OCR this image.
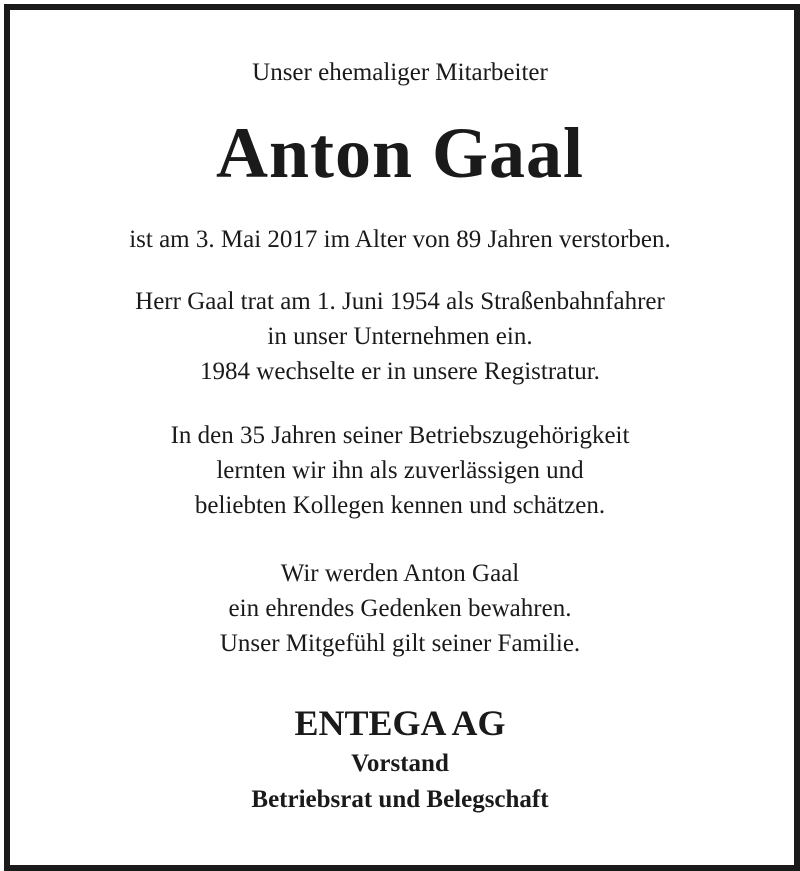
Unser ehemaliger Mitarbeiter
Anton Gaal
ist am 3. Mai 2017 im Alter von 89 Jahren verstorben.
Herr Gaal trat am 1. Juni 1954 als Straßenbahnfahrer
in unser Unternehmen ein.
1984 wechselte er in unsere Registratur.
In den 35 Jahren seiner Betriebszugehörigkeit
lernten wir ihn als zuverlässigen und
beliebten Kollegen kennen und schätzen.
Wir werden Anton Gaal
ein ehrendes Gedenken bewahren.
Unser Mitgefühl gilt seiner Familie.
ENTEGA AG
Vorstand
Betriebsrat und Belegschaft
